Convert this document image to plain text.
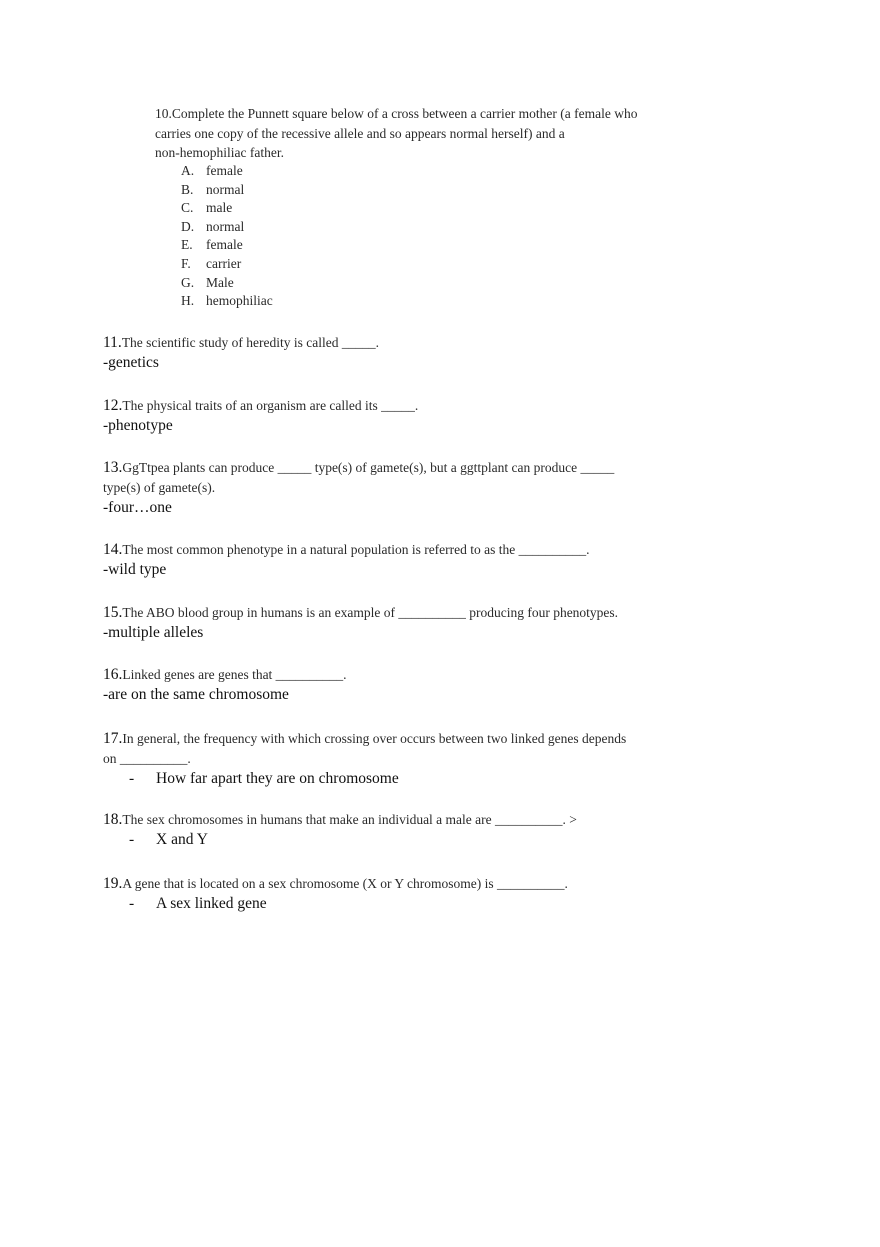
10.Complete the Punnett square below of a cross between a carrier mother (a female who

carries one copy of the recessive allele and so appears normal herself) and a

non-hemophiliac father.

A. female
B. normal
C. male
D. normal
E. female
F. carrier
G. Male
H. hemophiliac

11.The scientific study of heredity is called _____.

-genetics

12.The physical traits of an organism are called its _____.

-phenotype

13.GgTtpea plants can produce _____ type(s) of gamete(s), but a ggttplant can produce _____

type(s) of gamete(s).

-four…one

14.The most common phenotype in a natural population is referred to as the __________.

-wild type

15.The ABO blood group in humans is an example of __________ producing four phenotypes.

-multiple alleles

16.Linked genes are genes that __________.

-are on the same chromosome

17.In general, the frequency with which crossing over occurs between two linked genes depends

on __________.

- How far apart they are on chromosome

18.The sex chromosomes in humans that make an individual a male are __________. >

- X and Y

19.A gene that is located on a sex chromosome (X or Y chromosome) is __________.

- A sex linked gene
